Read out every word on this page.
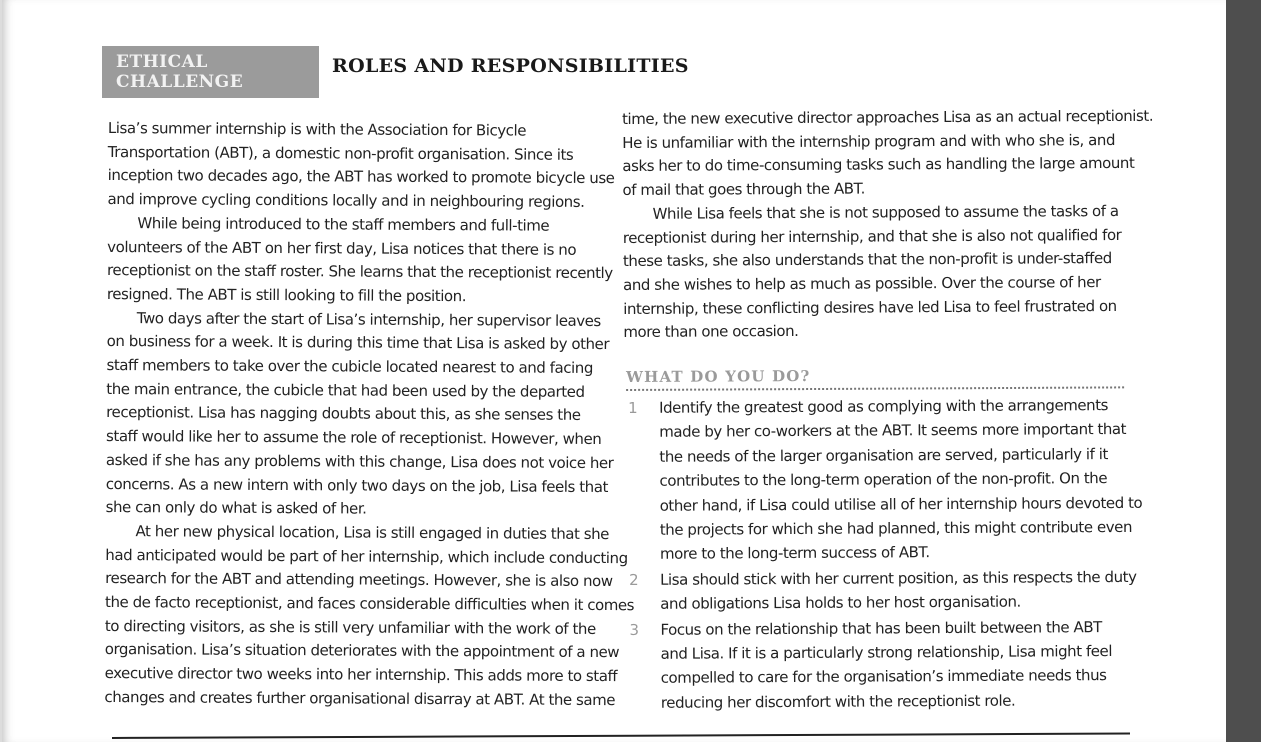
ETHICAL CHALLENGE
ROLES AND RESPONSIBILITIES
Lisa’s summer internship is with the Association for Bicycle
Transportation (ABT), a domestic non-profit organisation. Since its
inception two decades ago, the ABT has worked to promote bicycle use
and improve cycling conditions locally and in neighbouring regions.
While being introduced to the staff members and full-time
volunteers of the ABT on her first day, Lisa notices that there is no
receptionist on the staff roster. She learns that the receptionist recently
resigned. The ABT is still looking to fill the position.
Two days after the start of Lisa’s internship, her supervisor leaves
on business for a week. It is during this time that Lisa is asked by other
staff members to take over the cubicle located nearest to and facing
the main entrance, the cubicle that had been used by the departed
receptionist. Lisa has nagging doubts about this, as she senses the
staff would like her to assume the role of receptionist. However, when
asked if she has any problems with this change, Lisa does not voice her
concerns. As a new intern with only two days on the job, Lisa feels that
she can only do what is asked of her.
At her new physical location, Lisa is still engaged in duties that she
had anticipated would be part of her internship, which include conducting
research for the ABT and attending meetings. However, she is also now
the de facto receptionist, and faces considerable difficulties when it comes
to directing visitors, as she is still very unfamiliar with the work of the
organisation. Lisa’s situation deteriorates with the appointment of a new
executive director two weeks into her internship. This adds more to staff
changes and creates further organisational disarray at ABT. At the same
time, the new executive director approaches Lisa as an actual receptionist.
He is unfamiliar with the internship program and with who she is, and
asks her to do time-consuming tasks such as handling the large amount
of mail that goes through the ABT.
While Lisa feels that she is not supposed to assume the tasks of a
receptionist during her internship, and that she is also not qualified for
these tasks, she also understands that the non-profit is under-staffed
and she wishes to help as much as possible. Over the course of her
internship, these conflicting desires have led Lisa to feel frustrated on
more than one occasion.
WHAT DO YOU DO?
1	Identify the greatest good as complying with the arrangements
made by her co-workers at the ABT. It seems more important that
the needs of the larger organisation are served, particularly if it
contributes to the long-term operation of the non-profit. On the
other hand, if Lisa could utilise all of her internship hours devoted to
the projects for which she had planned, this might contribute even
more to the long-term success of ABT.
2	Lisa should stick with her current position, as this respects the duty
and obligations Lisa holds to her host organisation.
3	Focus on the relationship that has been built between the ABT
and Lisa. If it is a particularly strong relationship, Lisa might feel
compelled to care for the organisation’s immediate needs thus
reducing her discomfort with the receptionist role.
